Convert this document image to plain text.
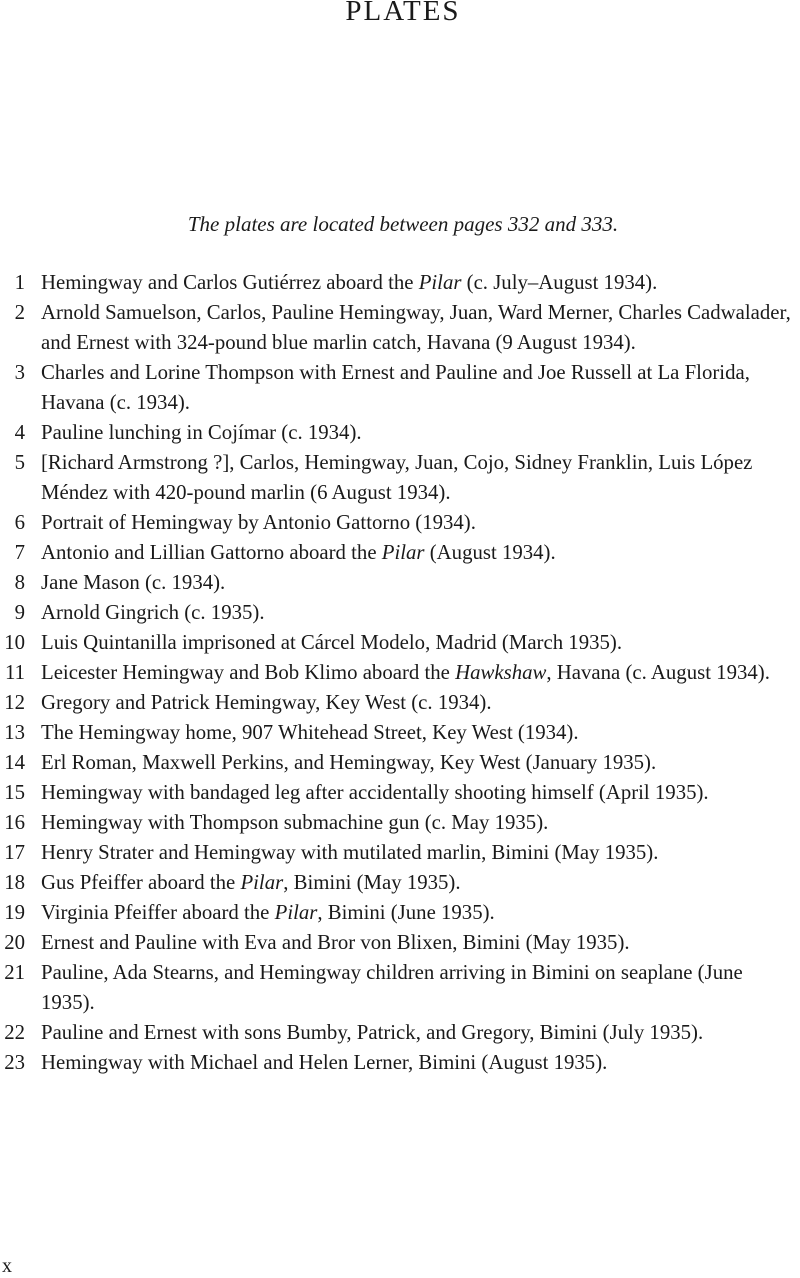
PLATES

The plates are located between pages 332 and 333.

1 Hemingway and Carlos Gutiérrez aboard the Pilar (c. July–August 1934).
2 Arnold Samuelson, Carlos, Pauline Hemingway, Juan, Ward Merner, Charles Cadwalader, and Ernest with 324-pound blue marlin catch, Havana (9 August 1934).
3 Charles and Lorine Thompson with Ernest and Pauline and Joe Russell at La Florida, Havana (c. 1934).
4 Pauline lunching in Cojímar (c. 1934).
5 [Richard Armstrong ?], Carlos, Hemingway, Juan, Cojo, Sidney Franklin, Luis López Méndez with 420-pound marlin (6 August 1934).
6 Portrait of Hemingway by Antonio Gattorno (1934).
7 Antonio and Lillian Gattorno aboard the Pilar (August 1934).
8 Jane Mason (c. 1934).
9 Arnold Gingrich (c. 1935).
10 Luis Quintanilla imprisoned at Cárcel Modelo, Madrid (March 1935).
11 Leicester Hemingway and Bob Klimo aboard the Hawkshaw, Havana (c. August 1934).
12 Gregory and Patrick Hemingway, Key West (c. 1934).
13 The Hemingway home, 907 Whitehead Street, Key West (1934).
14 Erl Roman, Maxwell Perkins, and Hemingway, Key West (January 1935).
15 Hemingway with bandaged leg after accidentally shooting himself (April 1935).
16 Hemingway with Thompson submachine gun (c. May 1935).
17 Henry Strater and Hemingway with mutilated marlin, Bimini (May 1935).
18 Gus Pfeiffer aboard the Pilar, Bimini (May 1935).
19 Virginia Pfeiffer aboard the Pilar, Bimini (June 1935).
20 Ernest and Pauline with Eva and Bror von Blixen, Bimini (May 1935).
21 Pauline, Ada Stearns, and Hemingway children arriving in Bimini on seaplane (June 1935).
22 Pauline and Ernest with sons Bumby, Patrick, and Gregory, Bimini (July 1935).
23 Hemingway with Michael and Helen Lerner, Bimini (August 1935).
x
